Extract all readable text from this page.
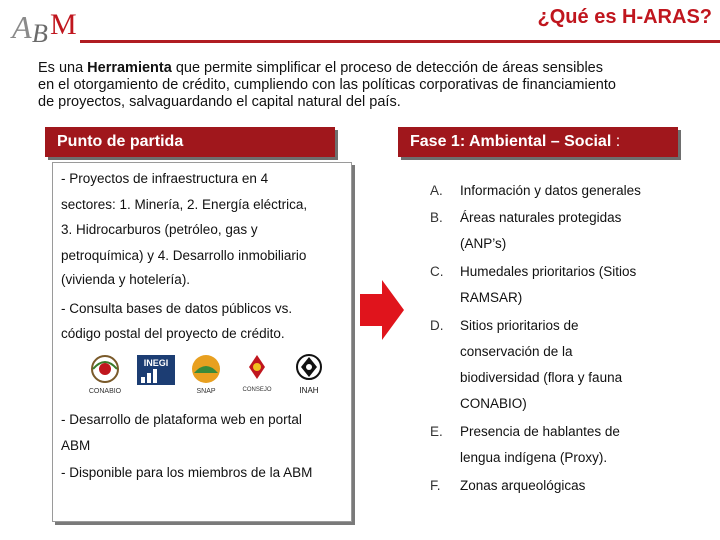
A B M	¿Qué es H-ARAS?
Es una Herramienta que permite simplificar el proceso de detección de áreas sensibles
en el otorgamiento de crédito, cumpliendo con las políticas corporativas de financiamiento
de proyectos, salvaguardando el capital natural del país.
Punto de partida	Fase 1: Ambiental – Social :
- Proyectos de infraestructura en 4
sectores: 1. Minería, 2. Energía eléctrica,
3. Hidrocarburos (petróleo, gas y
petroquímica) y 4. Desarrollo inmobiliario
(vivienda y hotelería).
- Consulta bases de datos públicos vs.
código postal del proyecto de crédito.
CONABIO
INEGI
SNAP	CONSEJO	INAH
- Desarrollo de plataforma web en portal
ABM
- Disponible para los miembros de la ABM
A.	Información y datos generales
B.	Áreas naturales protegidas
(ANP’s)
C.	Humedales prioritarios (Sitios
RAMSAR)
D.	Sitios prioritarios de
conservación de la
biodiversidad (flora y fauna
CONABIO)
E.	Presencia de hablantes de
lengua indígena (Proxy).
F.	Zonas arqueológicas
